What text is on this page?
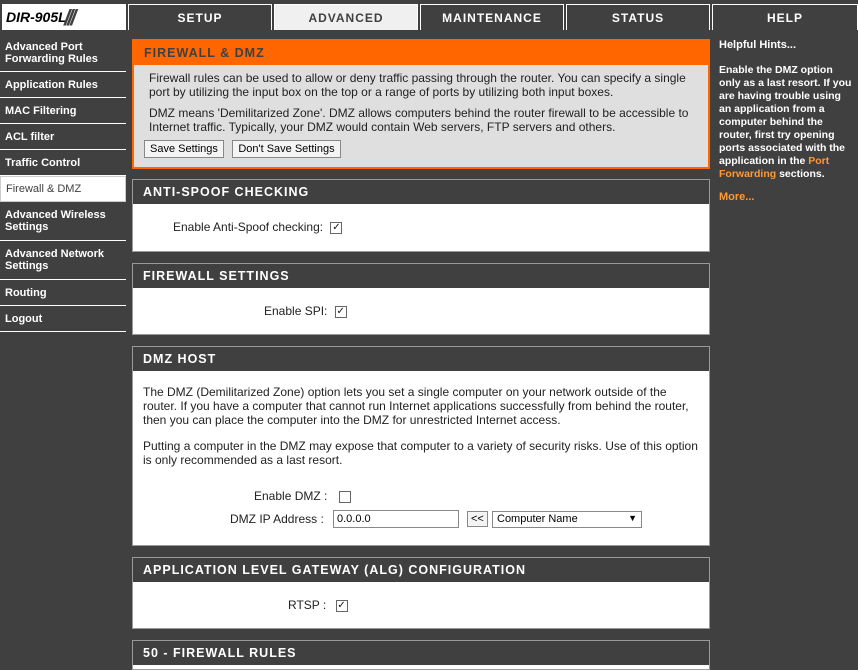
DIR-905L
///	SETUP	ADVANCED	MAINTENANCE	STATUS	HELP
Advanced Port Forwarding Rules
Application Rules
MAC Filtering
ACL filter
Traffic Control
Firewall & DMZ
Advanced Wireless Settings
Advanced Network Settings
Routing
Logout
FIREWALL & DMZ
Firewall rules can be used to allow or deny traffic passing through the router. You can specify a single port by utilizing the input box on the top or a range of ports by utilizing both input boxes.
DMZ means 'Demilitarized Zone'. DMZ allows computers behind the router firewall to be accessible to Internet traffic. Typically, your DMZ would contain Web servers, FTP servers and others.
Save Settings Don't Save Settings
ANTI-SPOOF CHECKING
Enable Anti-Spoof checking: ✓
FIREWALL SETTINGS
Enable SPI: ✓
DMZ HOST
The DMZ (Demilitarized Zone) option lets you set a single computer on your network outside of the router. If you have a computer that cannot run Internet applications successfully from behind the router, then you can place the computer into the DMZ for unrestricted Internet access.
Putting a computer in the DMZ may expose that computer to a variety of security risks. Use of this option is only recommended as a last resort.
Enable DMZ :
DMZ IP Address :
0.0.0.0	<<	Computer Name	▼
APPLICATION LEVEL GATEWAY (ALG) CONFIGURATION
RTSP : ✓
50 - FIREWALL RULES
Helpful Hints...
Enable the DMZ option only as a last resort. If you are having trouble using an application from a computer behind the router, first try opening ports associated with the application in the Port Forwarding sections.
More...
